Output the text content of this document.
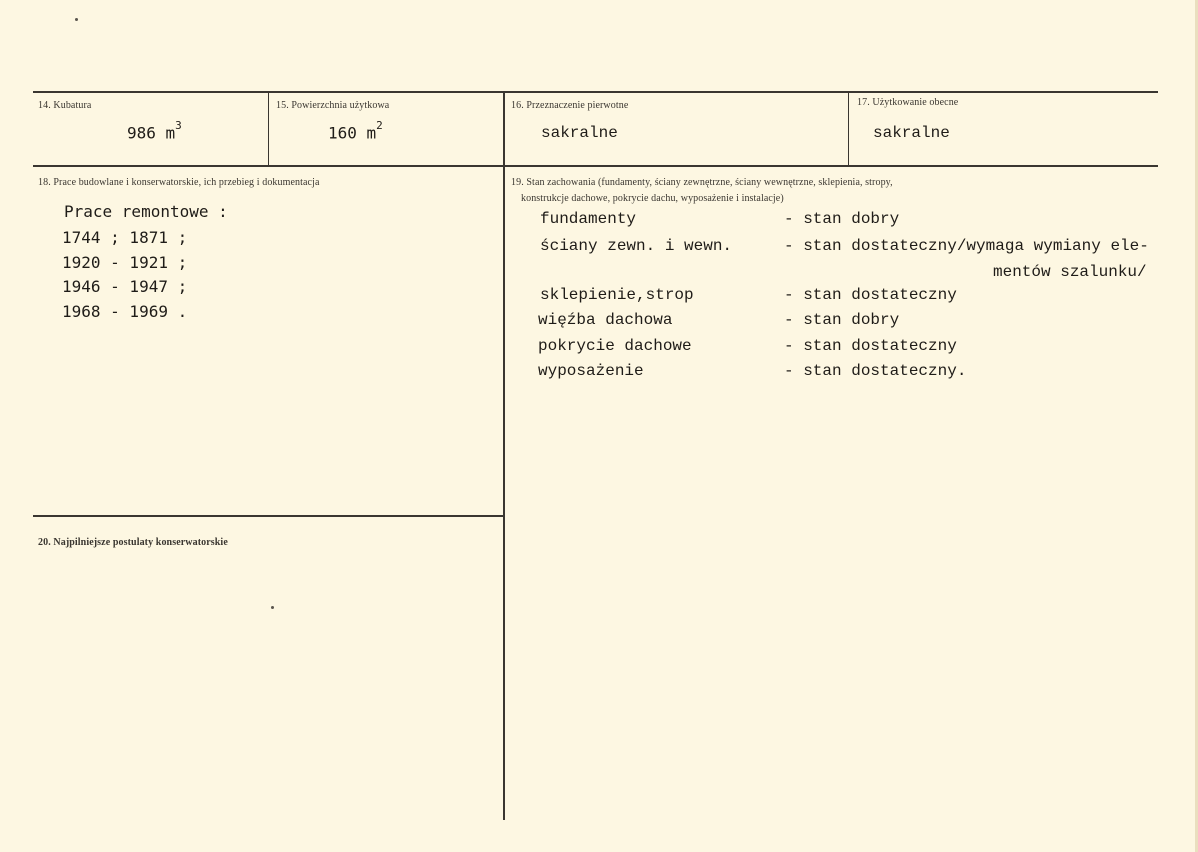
14. Kubatura
986 $m^3$
15. Powierzchnia użytkowa
160 $m^2$
16. Przeznaczenie pierwotne
sakralne
17. Użytkowanie obecne
sakralne
18. Prace budowlane i konserwatorskie, ich przebieg i dokumentacja
Prace remontowe :
1744 ; 1871 ;
1920 - 1921 ;
1946 - 1947 ;
1968 - 1969 .
19. Stan zachowania (fundamenty, ściany zewnętrzne, ściany wewnętrzne, sklepienia, stropy,
konstrukcje dachowe, pokrycie dachu, wyposażenie i instalacje)
fundamenty	- stan dobry
ściany zewn. i wewn.	- stan dostateczny/wymaga wymiany ele-
mentów szalunku/
sklepienie,strop	- stan dostateczny
więźba dachowa	- stan dobry
pokrycie dachowe	- stan dostateczny
wyposażenie	- stan dostateczny.
20. Najpilniejsze postulaty konserwatorskie
